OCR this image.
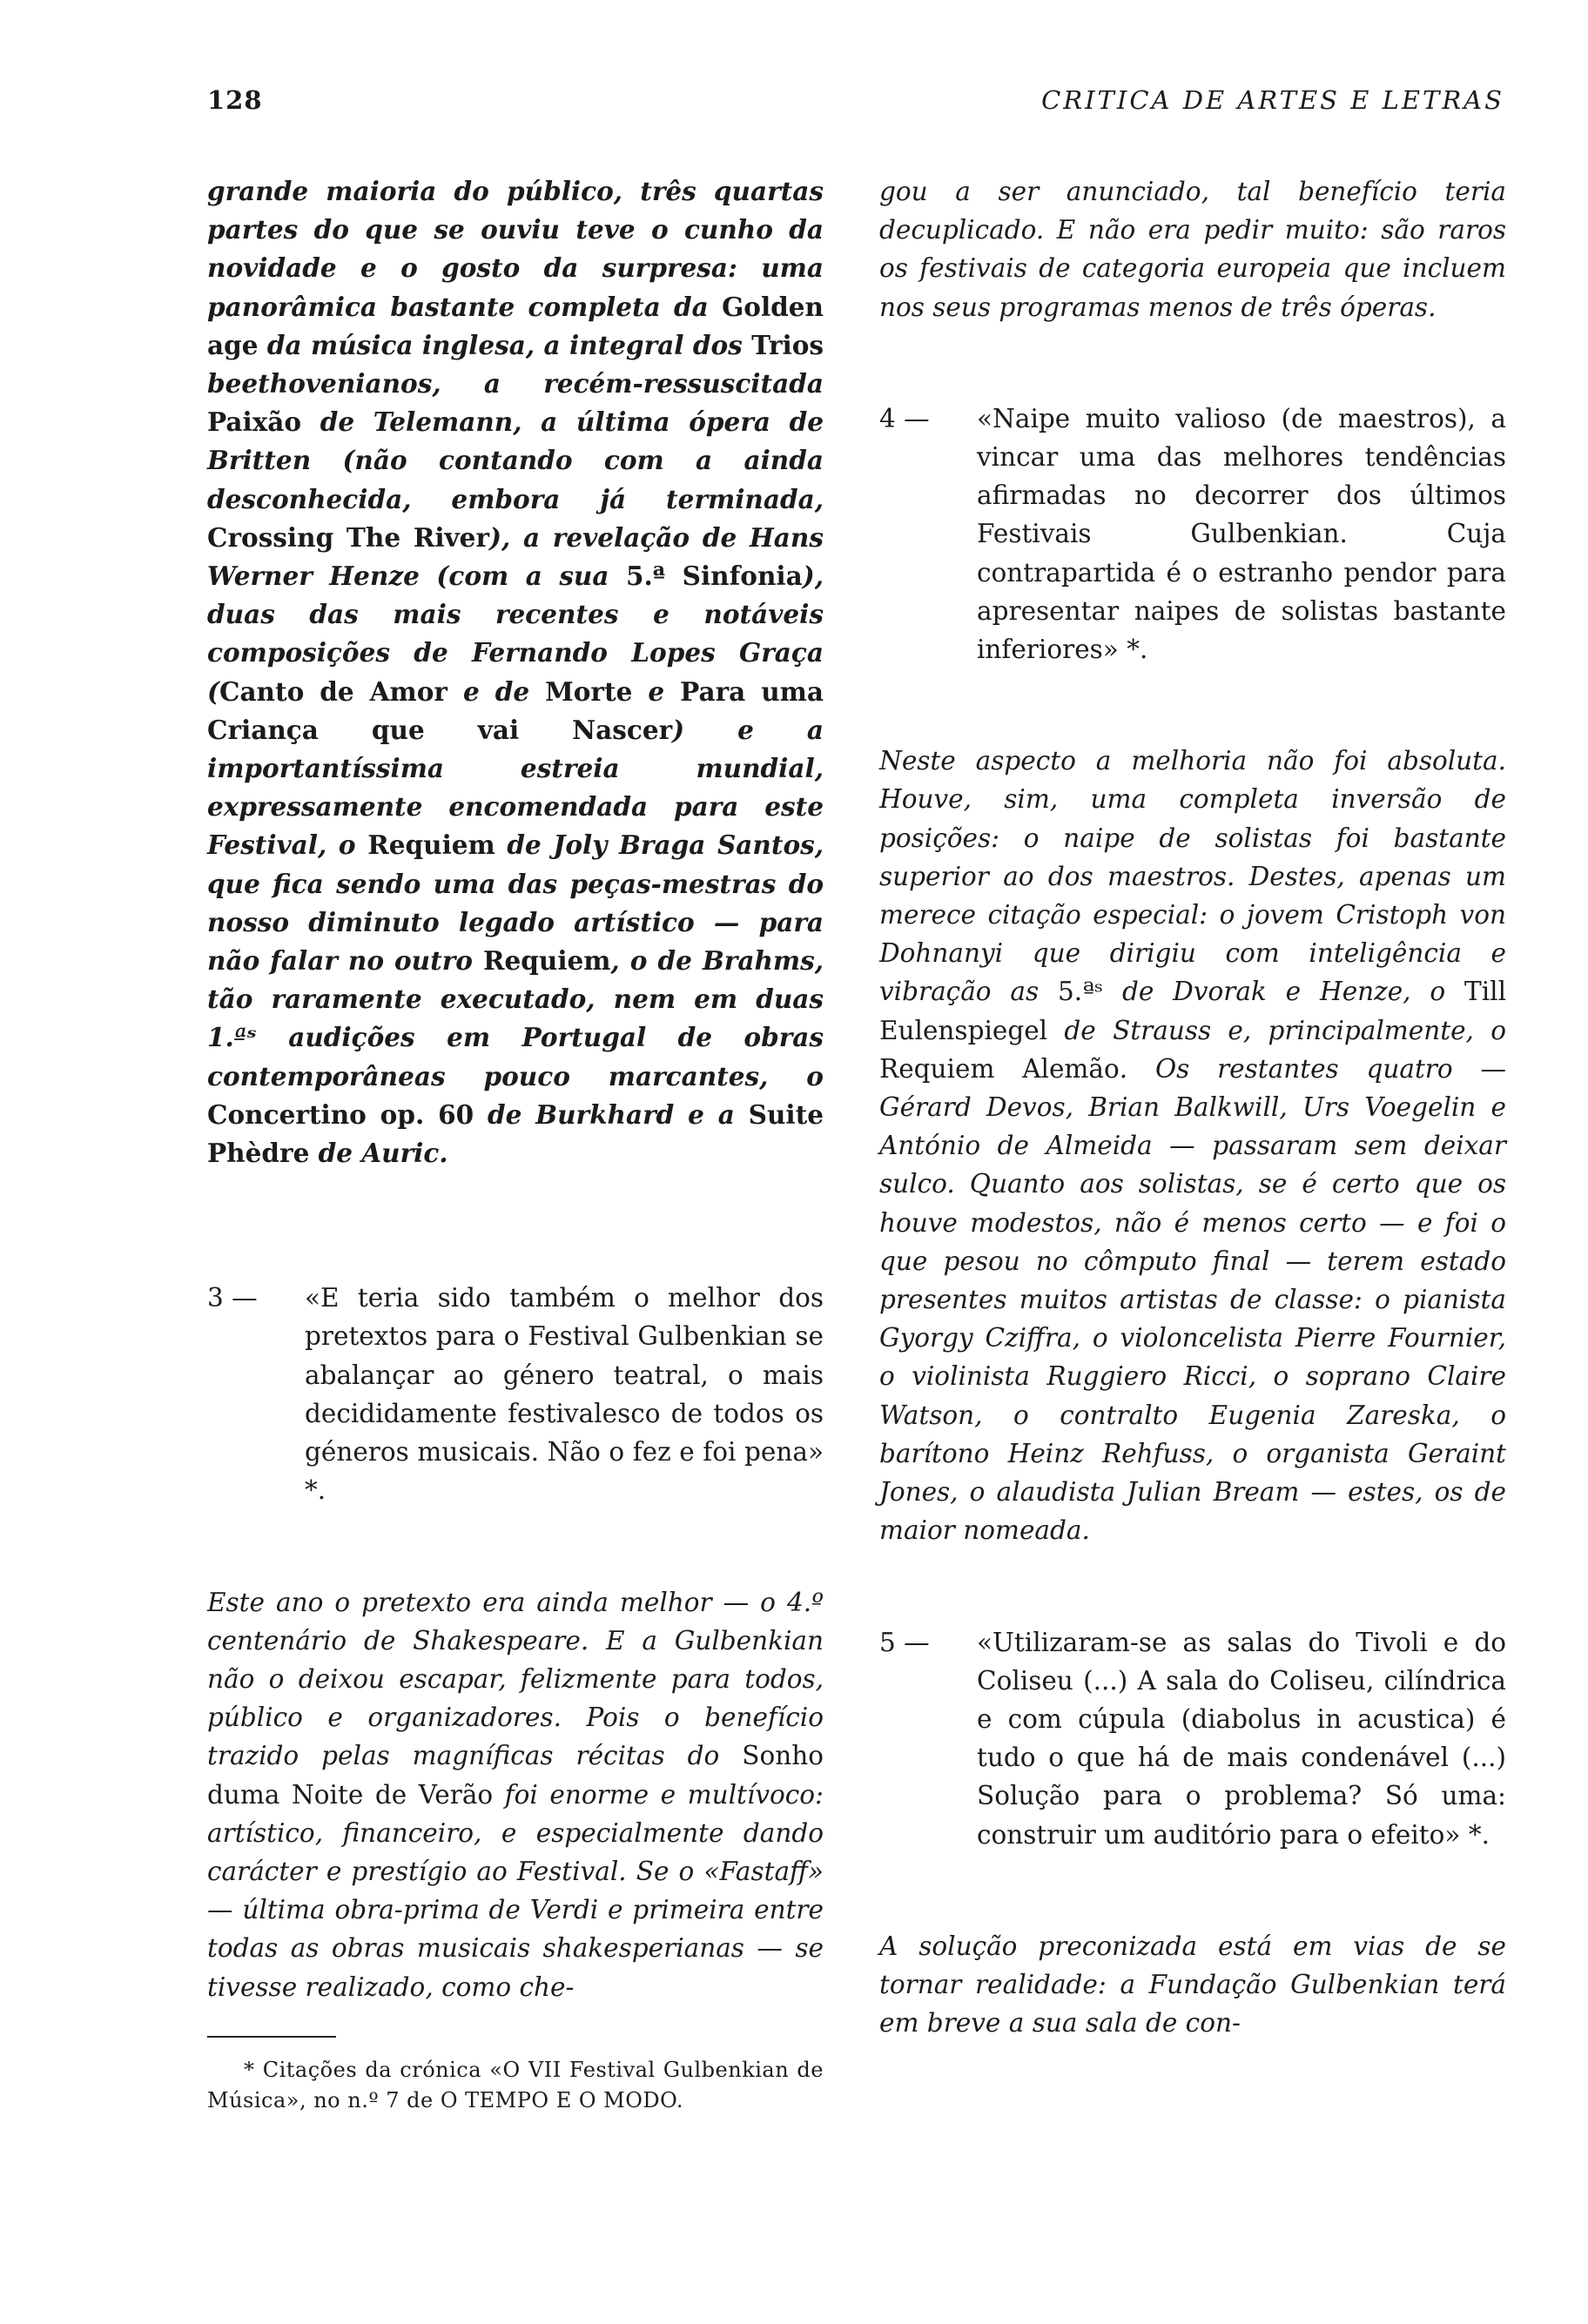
128	CRITICA DE ARTES E LETRAS

grande maioria do público, três quartas partes do que se ouviu teve o cunho da novidade e o gosto da surpresa: uma panorâmica bastante completa da Golden age da música inglesa, a integral dos Trios beethovenianos, a recém-ressuscitada Paixão de Telemann, a última ópera de Britten (não contando com a ainda desconhecida, embora já terminada, Crossing The River), a revelação de Hans Werner Henze (com a sua 5.ª Sinfonia), duas das mais recentes e notáveis composições de Fernando Lopes Graça (Canto de Amor e de Morte e Para uma Criança que vai Nascer) e a importantíssima estreia mundial, expressamente encomendada para este Festival, o Requiem de Joly Braga Santos, que fica sendo uma das peças-mestras do nosso diminuto legado artístico — para não falar no outro Requiem, o de Brahms, tão raramente executado, nem em duas 1.ªˢ audições em Portugal de obras contemporâneas pouco marcantes, o Concertino op. 60 de Burkhard e a Suite Phèdre de Auric.

3 — «E teria sido também o melhor dos pretextos para o Festival Gulbenkian se abalançar ao género teatral, o mais decididamente festivalesco de todos os géneros musicais. Não o fez e foi pena» *.

Este ano o pretexto era ainda melhor — o 4.º centenário de Shakespeare. E a Gulbenkian não o deixou escapar, felizmente para todos, público e organizadores. Pois o benefício trazido pelas magníficas récitas do Sonho duma Noite de Verão foi enorme e multívoco: artístico, financeiro, e especialmente dando carácter e prestígio ao Festival. Se o «Fastaff» — última obra-prima de Verdi e primeira entre todas as obras musicais shakesperianas — se tivesse realizado, como che-

* Citações da crónica «O VII Festival Gulbenkian de Música», no n.º 7 de O TEMPO E O MODO.

gou a ser anunciado, tal benefício teria decuplicado. E não era pedir muito: são raros os festivais de categoria europeia que incluem nos seus programas menos de três óperas.

4 — «Naipe muito valioso (de maestros), a vincar uma das melhores tendências afirmadas no decorrer dos últimos Festivais Gulbenkian. Cuja contrapartida é o estranho pendor para apresentar naipes de solistas bastante inferiores» *.

Neste aspecto a melhoria não foi absoluta. Houve, sim, uma completa inversão de posições: o naipe de solistas foi bastante superior ao dos maestros. Destes, apenas um merece citação especial: o jovem Cristoph von Dohnanyi que dirigiu com inteligência e vibração as 5.ªˢ de Dvorak e Henze, o Till Eulenspiegel de Strauss e, principalmente, o Requiem Alemão. Os restantes quatro — Gérard Devos, Brian Balkwill, Urs Voegelin e António de Almeida — passaram sem deixar sulco. Quanto aos solistas, se é certo que os houve modestos, não é menos certo — e foi o que pesou no cômputo final — terem estado presentes muitos artistas de classe: o pianista Gyorgy Cziffra, o violoncelista Pierre Fournier, o violinista Ruggiero Ricci, o soprano Claire Watson, o contralto Eugenia Zareska, o barítono Heinz Rehfuss, o organista Geraint Jones, o alaudista Julian Bream — estes, os de maior nomeada.

5 — «Utilizaram-se as salas do Tivoli e do Coliseu (...) A sala do Coliseu, cilíndrica e com cúpula (diabolus in acustica) é tudo o que há de mais condenável (...) Solução para o problema? Só uma: construir um auditório para o efeito» *.

A solução preconizada está em vias de se tornar realidade: a Fundação Gulbenkian terá em breve a sua sala de con-
